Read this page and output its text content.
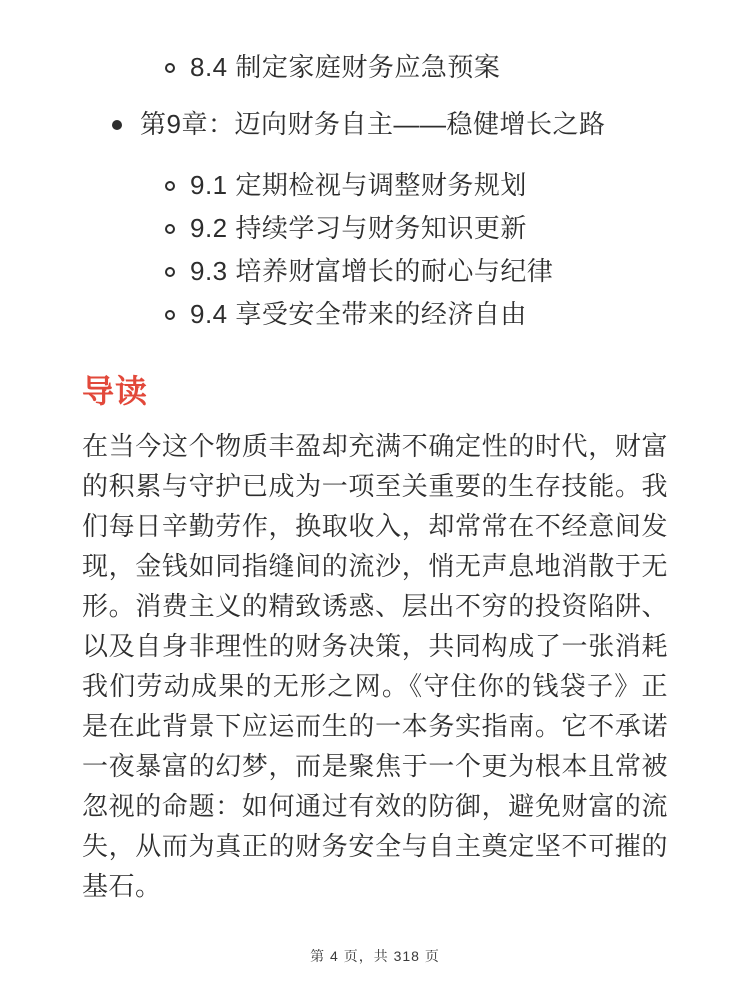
8.4 制定家庭财务应急预案
第9章：迈向财务自主——稳健增长之路
9.1 定期检视与调整财务规划
9.2 持续学习与财务知识更新
9.3 培养财富增长的耐心与纪律
9.4 享受安全带来的经济自由
导读

在当今这个物质丰盈却充满不确定性的时代，财富的积累与守护已成为一项至关重要的生存技能。我们每日辛勤劳作，换取收入，却常常在不经意间发现，金钱如同指缝间的流沙，悄无声息地消散于无形。消费主义的精致诱惑、层出不穷的投资陷阱、以及自身非理性的财务决策，共同构成了一张消耗我们劳动成果的无形之网。《守住你的钱袋子》正是在此背景下应运而生的一本务实指南。它不承诺一夜暴富的幻梦，而是聚焦于一个更为根本且常被忽视的命题：如何通过有效的防御，避免财富的流失，从而为真正的财务安全与自主奠定坚不可摧的基石。

第 4 页，共 318 页
